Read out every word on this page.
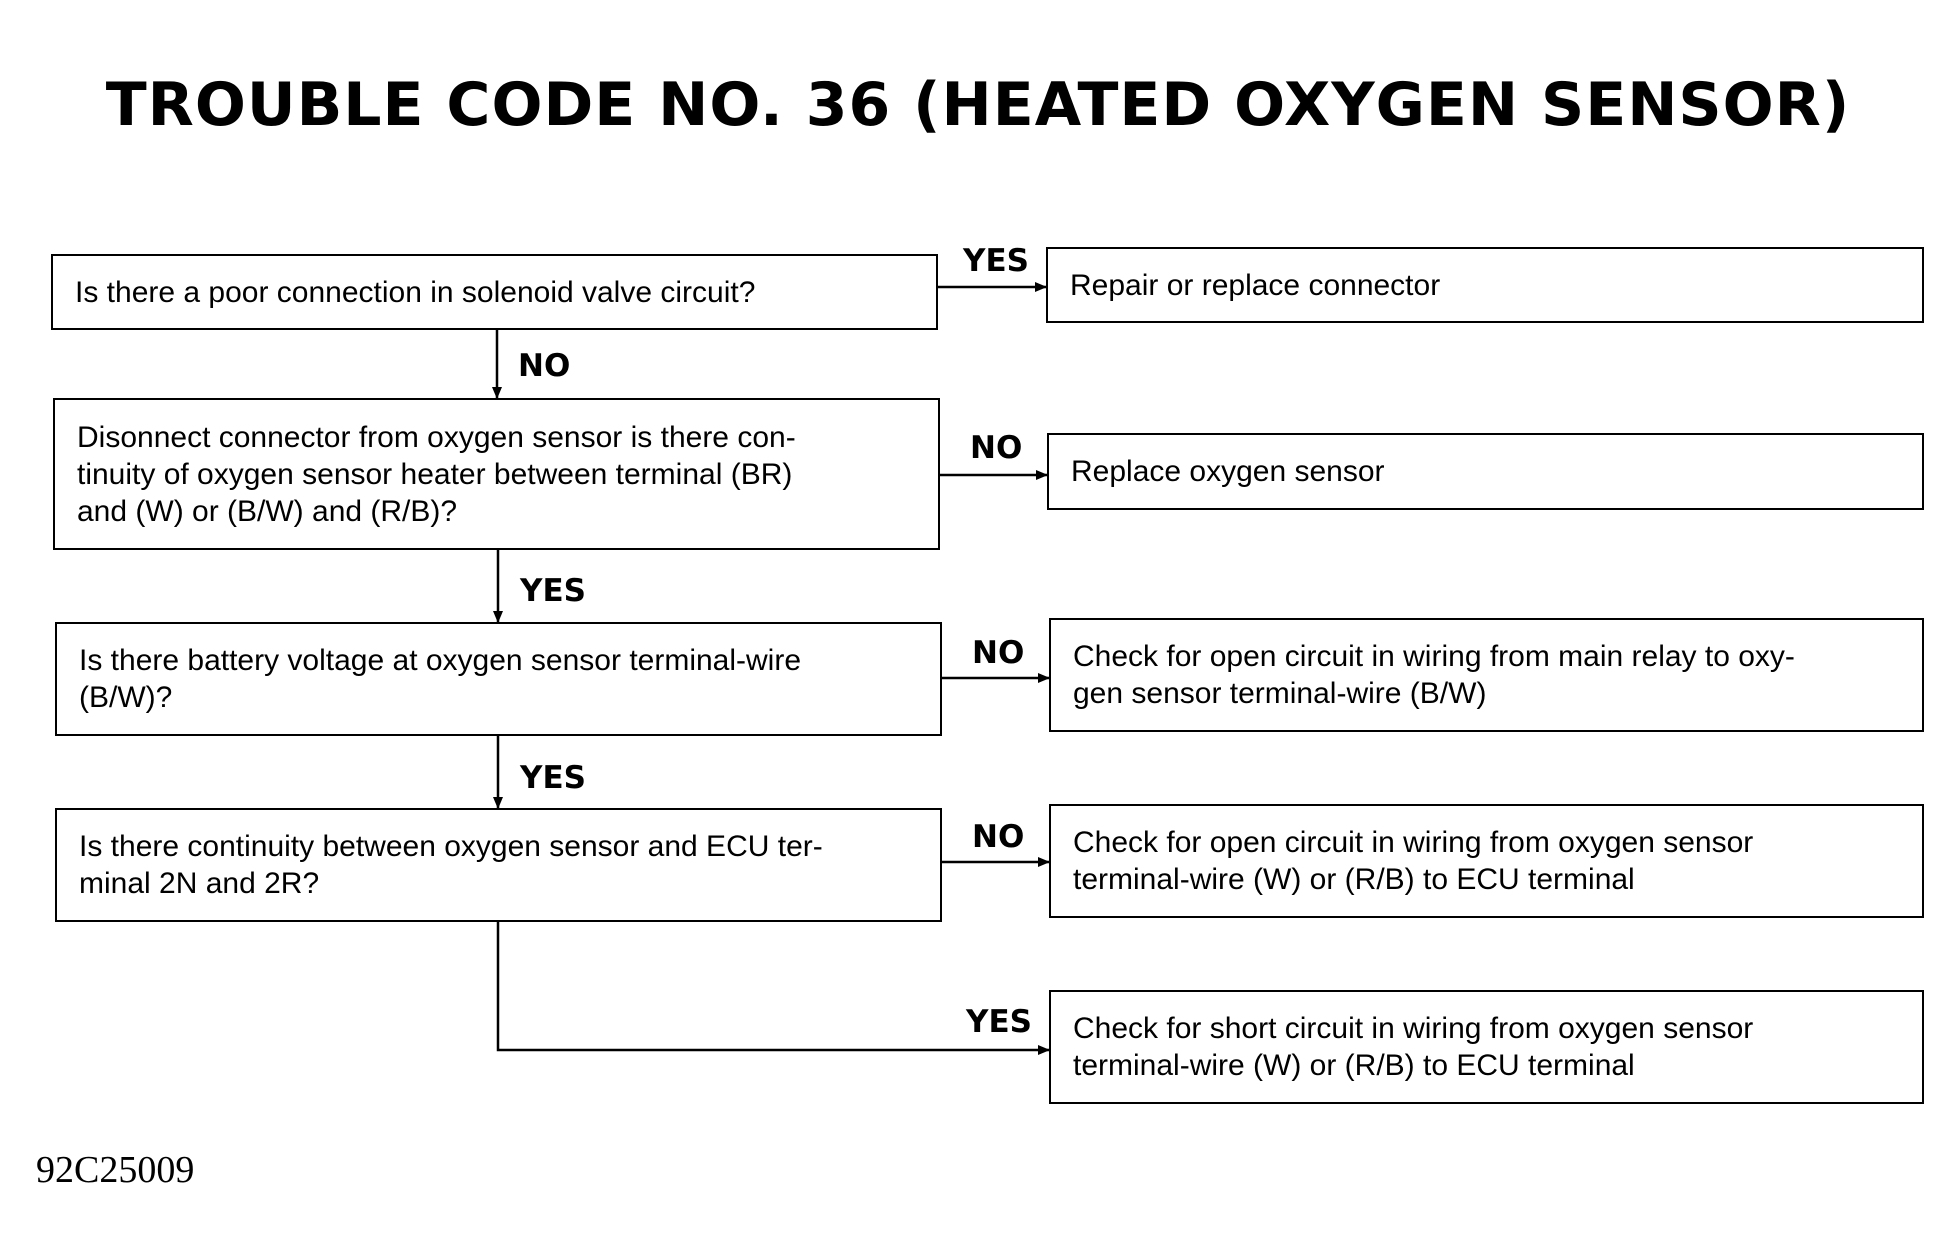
TROUBLE CODE NO. 36 (HEATED OXYGEN SENSOR)
Is there a poor connection in solenoid valve circuit?
Disonnect connector from oxygen sensor is there con-
tinuity of oxygen sensor heater between terminal (BR)
and (W) or (B/W) and (R/B)?
Is there battery voltage at oxygen sensor terminal-wire
(B/W)?
Is there continuity between oxygen sensor and ECU ter-
minal 2N and 2R?
Repair or replace connector
Replace oxygen sensor
Check for open circuit in wiring from main relay to oxy-
gen sensor terminal-wire (B/W)
Check for open circuit in wiring from oxygen sensor
terminal-wire (W) or (R/B) to ECU terminal
Check for short circuit in wiring from oxygen sensor
terminal-wire (W) or (R/B) to ECU terminal
YES
NO
NO
YES
NO
YES
NO
YES
92C25009
